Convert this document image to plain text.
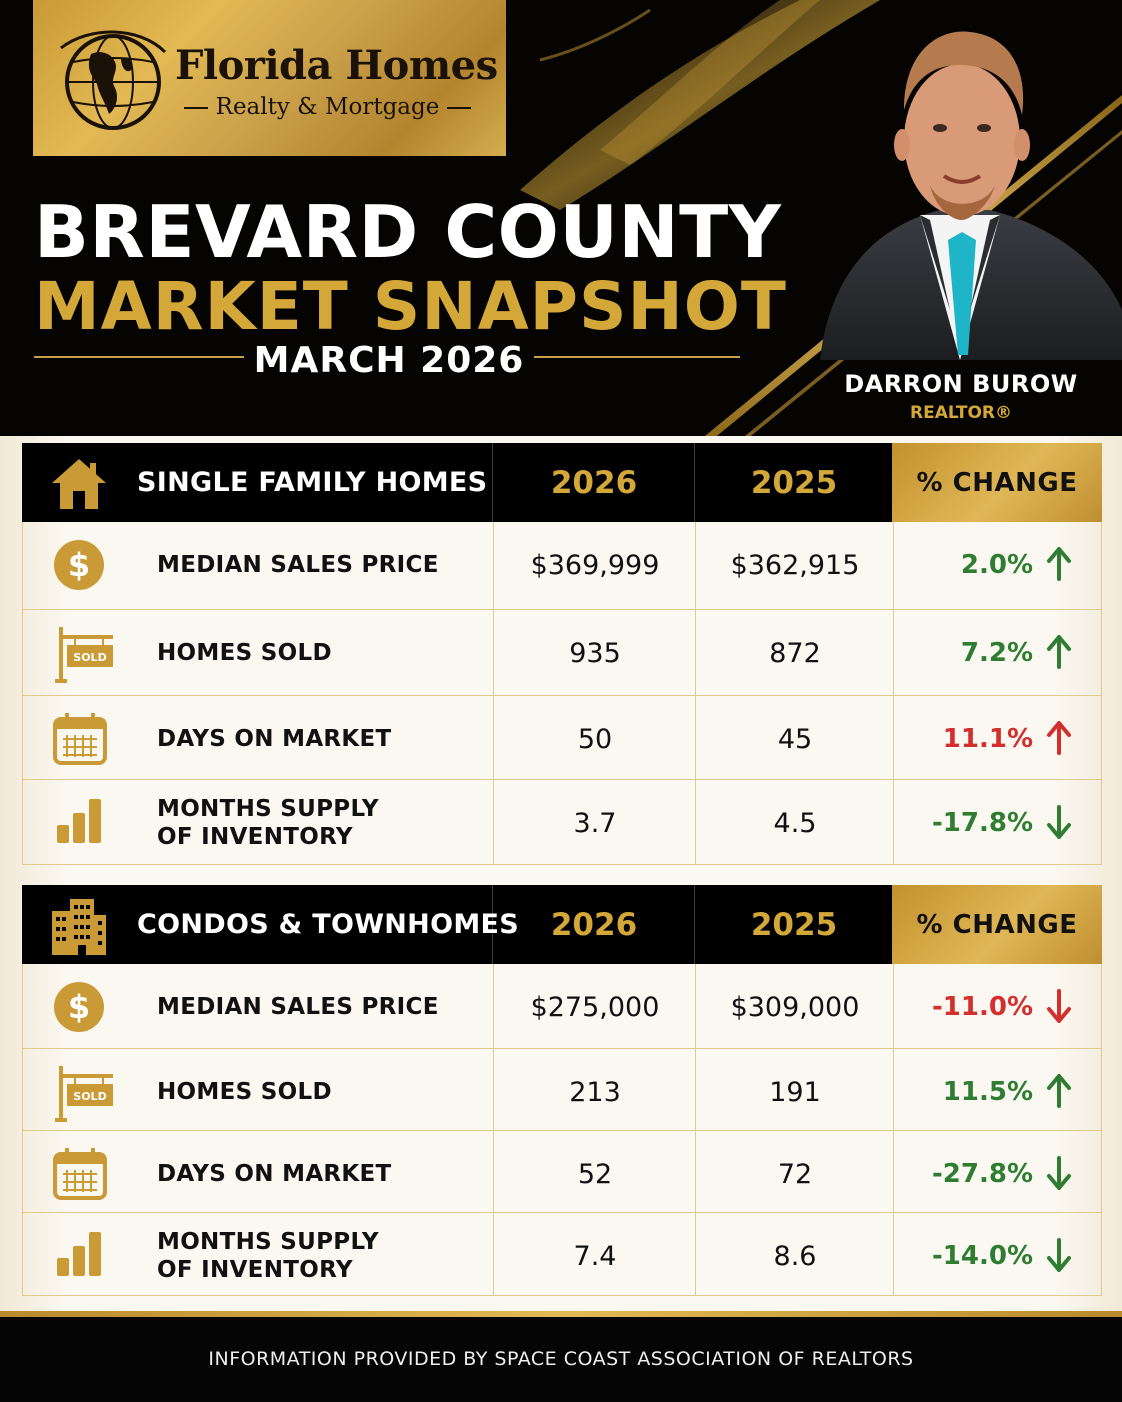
Florida Homes
Realty & Mortgage
BREVARD COUNTY
MARKET SNAPSHOT
MARCH 2026
DARRON BUROW
REALTOR®
SINGLE FAMILY HOMES	2026	2025	% CHANGE
$	MEDIAN SALES PRICE	$369,999	$362,915	2.0%
SOLD HOMES SOLD	935	872	7.2%
DAYS ON MARKET	50	45	11.1%
MONTHS SUPPLY
OF INVENTORY	3.7	4.5	-17.8%
CONDOS & TOWNHOMES	2026	2025	% CHANGE
$	MEDIAN SALES PRICE	$275,000	$309,000	-11.0%
SOLD HOMES SOLD	213	191	11.5%
DAYS ON MARKET	52	72	-27.8%
MONTHS SUPPLY
OF INVENTORY	7.4	8.6	-14.0%
INFORMATION PROVIDED BY SPACE COAST ASSOCIATION OF REALTORS
